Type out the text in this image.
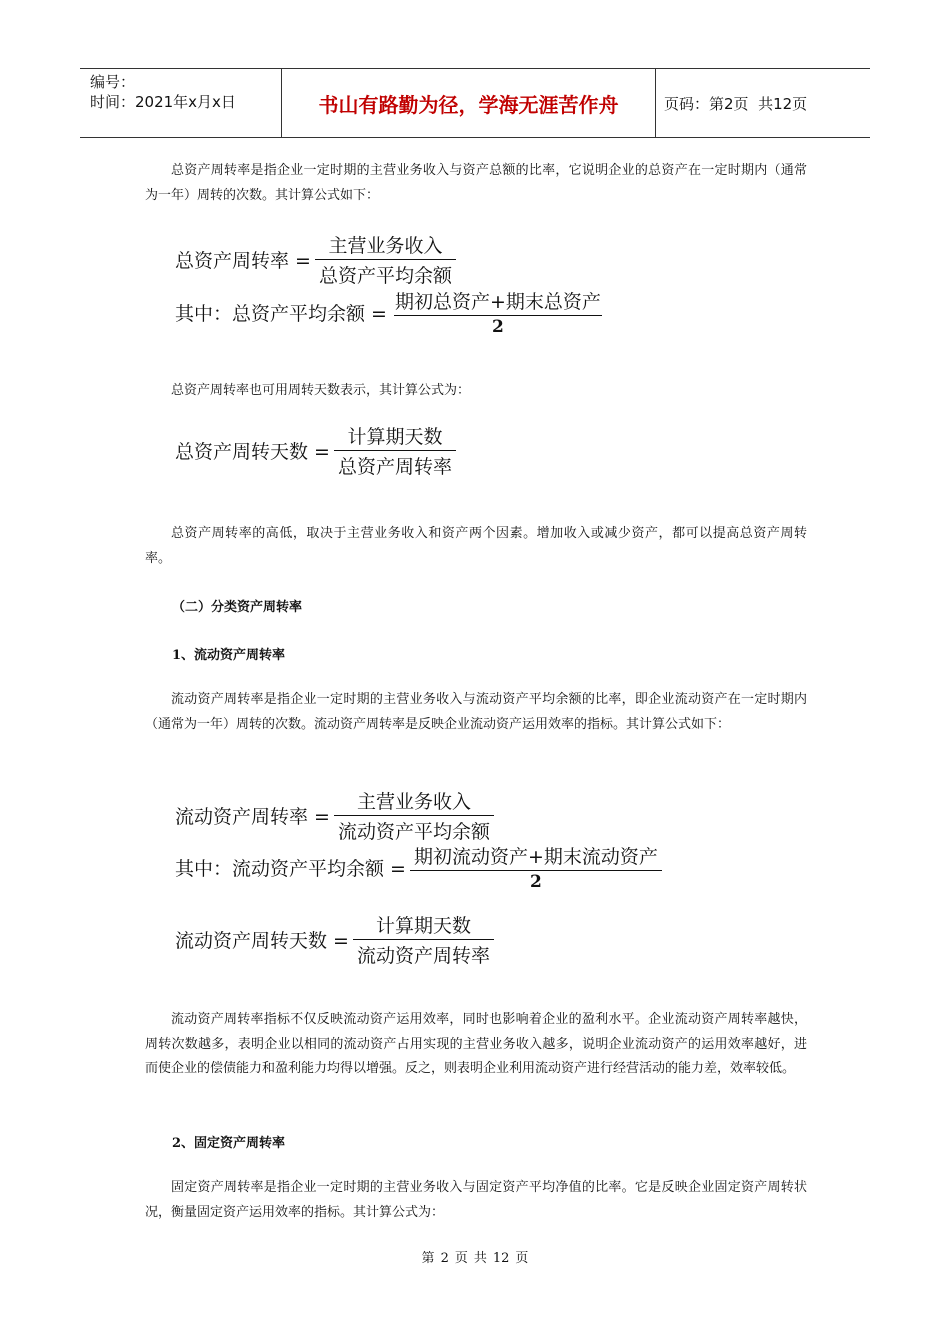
编号：
时间：2021年x月x日	书山有路勤为径，学海无涯苦作舟	页码：第2页  共12页
总资产周转率是指企业一定时期的主营业务收入与资产总额的比率，它说明企业的总资产在一定时期内（通常为一年）周转的次数。其计算公式如下：
总资产周转率 = $\frac{\text{主营业务收入}}{\text{总资产平均余额}}$
其中：总资产平均余额 = $\frac{\text{期初总资产+期末总资产}}{2}$
总资产周转率也可用周转天数表示，其计算公式为：
总资产周转天数 = $\frac{\text{计算期天数}}{\text{总资产周转率}}$
总资产周转率的高低，取决于主营业务收入和资产两个因素。增加收入或减少资产，都可以提高总资产周转率。
（二）分类资产周转率
1、流动资产周转率
流动资产周转率是指企业一定时期的主营业务收入与流动资产平均余额的比率，即企业流动资产在一定时期内（通常为一年）周转的次数。流动资产周转率是反映企业流动资产运用效率的指标。其计算公式如下：
流动资产周转率 = $\frac{\text{主营业务收入}}{\text{流动资产平均余额}}$
其中：流动资产平均余额 = $\frac{\text{期初流动资产+期末流动资产}}{2}$
流动资产周转天数 = $\frac{\text{计算期天数}}{\text{流动资产周转率}}$
流动资产周转率指标不仅反映流动资产运用效率，同时也影响着企业的盈利水平。企业流动资产周转率越快，周转次数越多，表明企业以相同的流动资产占用实现的主营业务收入越多，说明企业流动资产的运用效率越好，进而使企业的偿债能力和盈利能力均得以增强。反之，则表明企业利用流动资产进行经营活动的能力差，效率较低。
2、固定资产周转率
固定资产周转率是指企业一定时期的主营业务收入与固定资产平均净值的比率。它是反映企业固定资产周转状况，衡量固定资产运用效率的指标。其计算公式为：
第 2 页 共 12 页
